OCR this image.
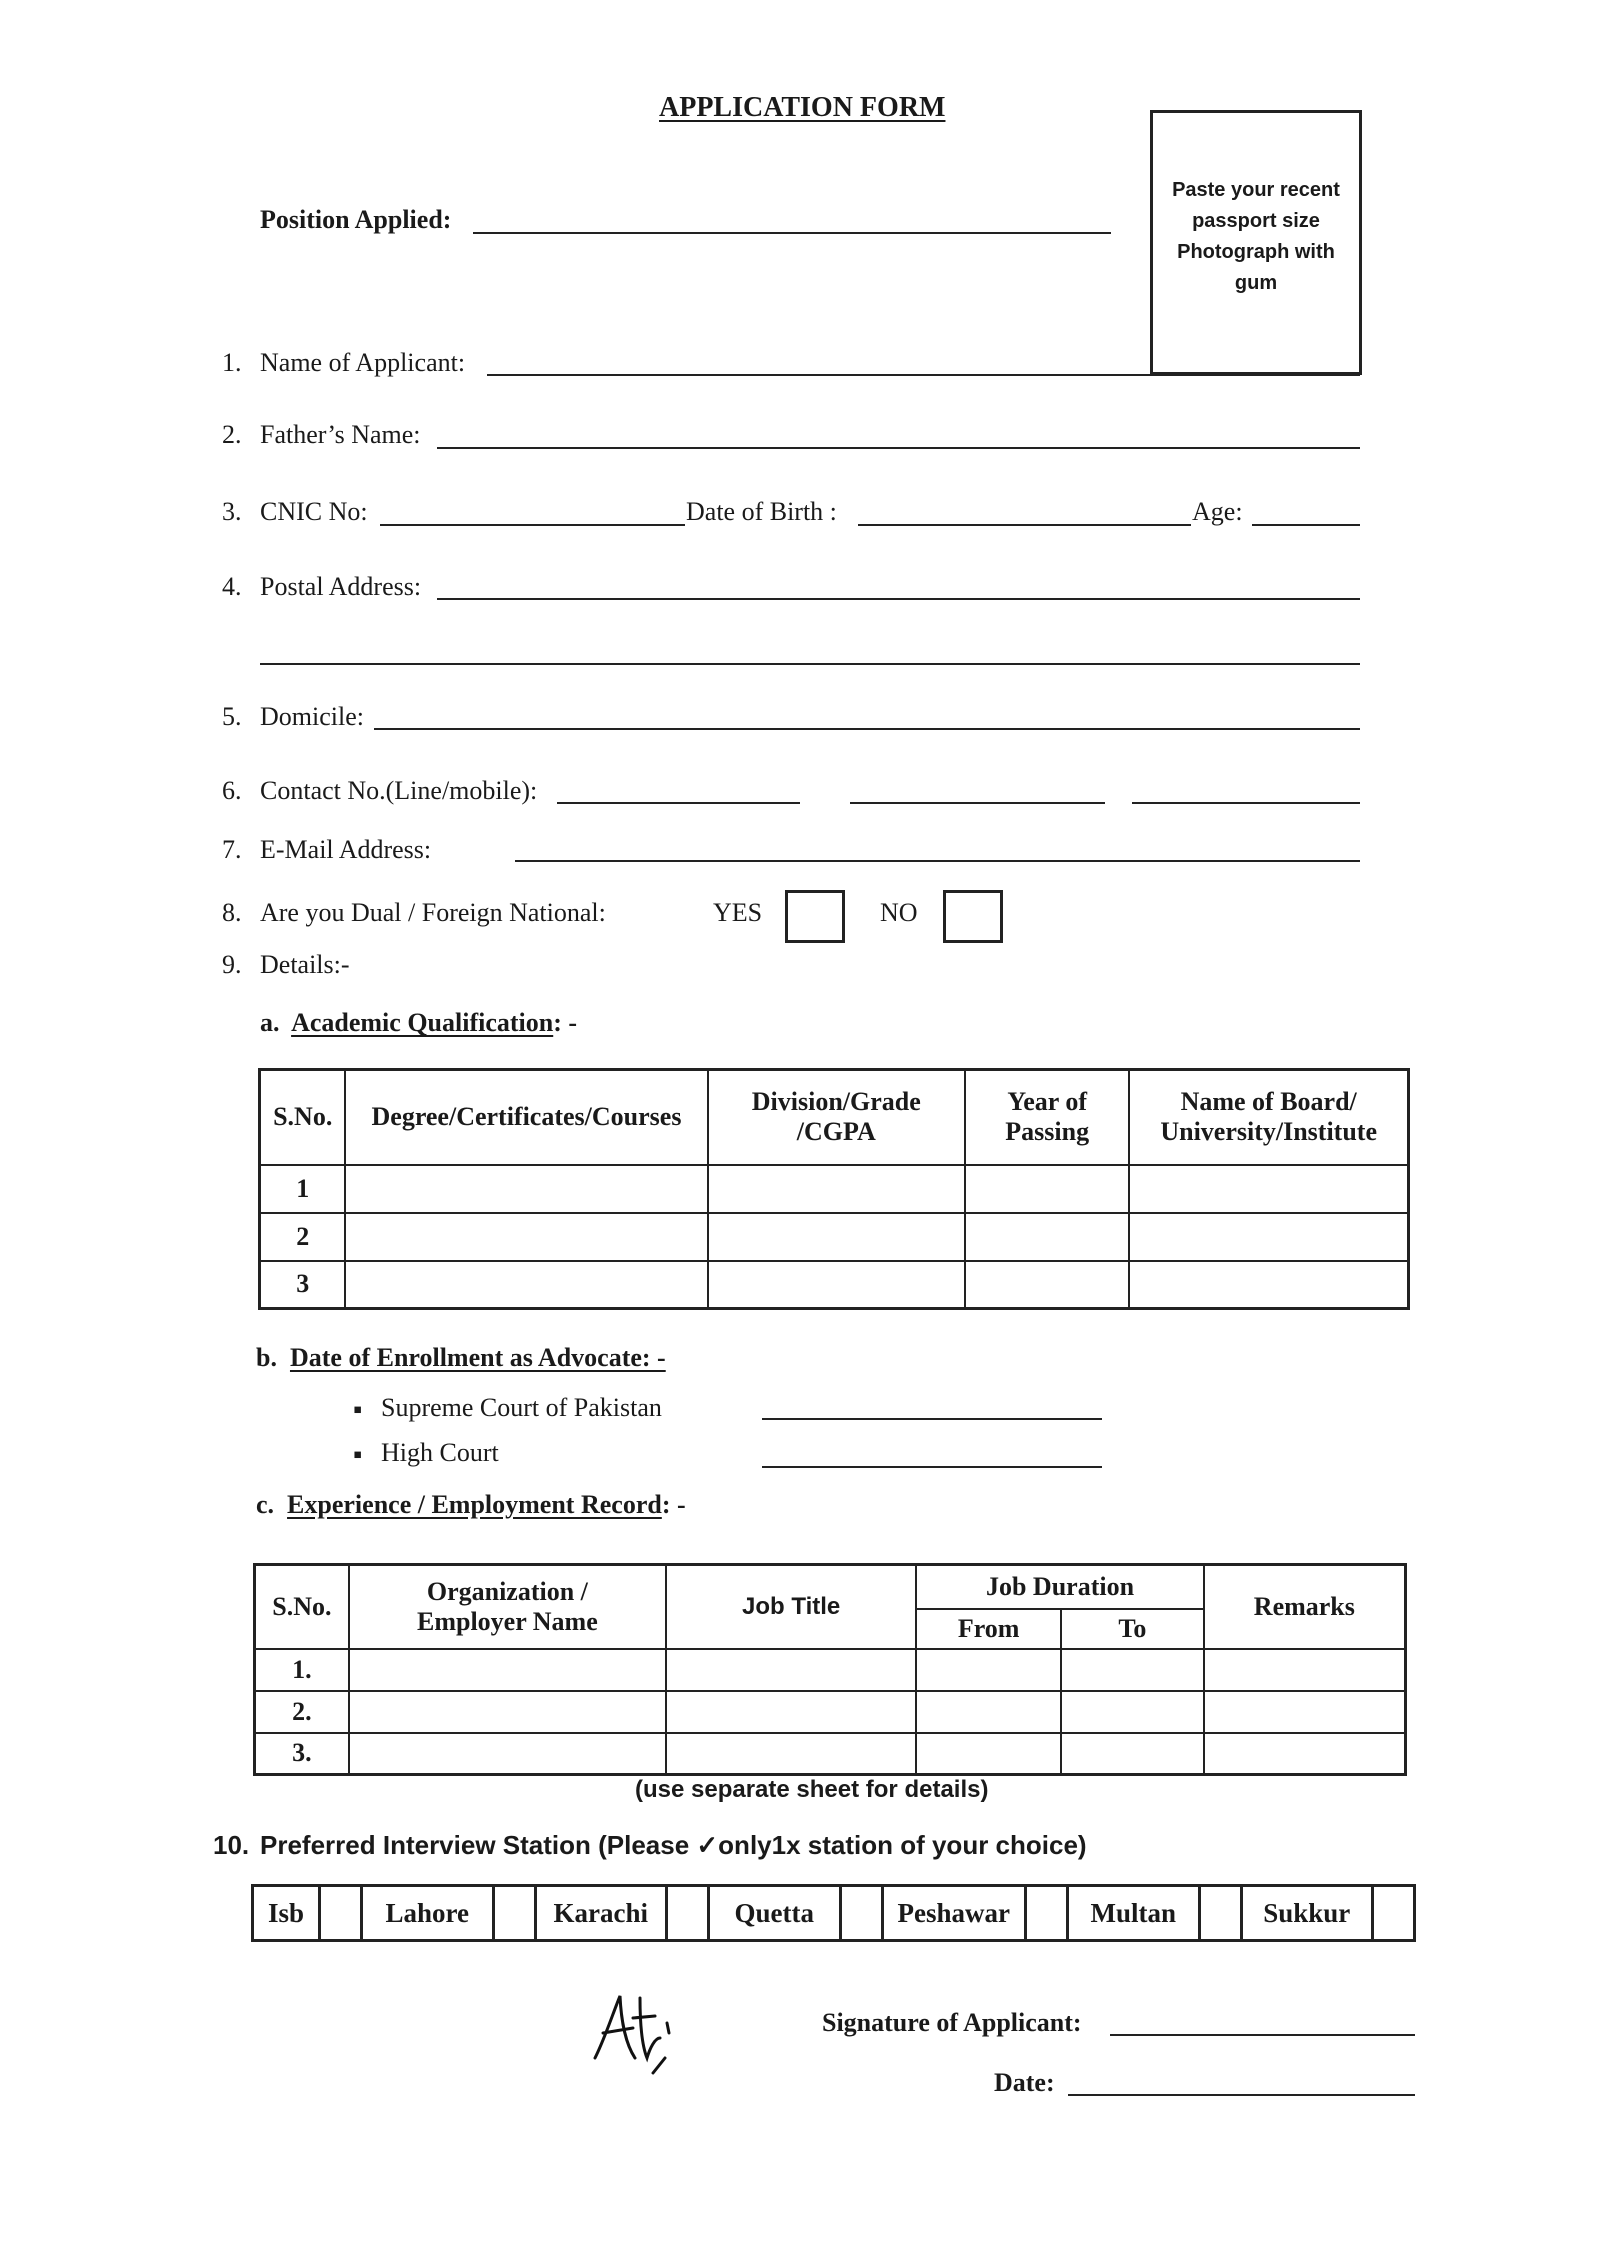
APPLICATION FORM
Paste your recent
passport size
Photograph with
gum
Position Applied:
1. Name of Applicant:
2. Father’s Name:
3. CNIC No:	Date of Birth :	Age:
4. Postal Address:
5. Domicile:
6. Contact No.(Line/mobile):
7. E-Mail Address:
8. Are you Dual / Foreign National:	YES	NO
9. Details:-
a. Academic Qualification: -
S.No.	Degree/Certificates/Courses	Division/Grade /CGPA	Year of Passing	Name of Board/ University/Institute
1				
2				
3				
b. Date of Enrollment as Advocate: -
▪ Supreme Court of Pakistan
▪ High Court
c. Experience / Employment Record: -
S.No.	Organization / Employer Name	Job Title	Job Duration		Remarks
			From	To	
1.					
2.					
3.					
(use separate sheet for details)
10. Preferred Interview Station (Please ✓only1x station of your choice)
Isb	Lahore	Karachi	Quetta	Peshawar	Multan	Sukkur
Signature of Applicant:
Date:
